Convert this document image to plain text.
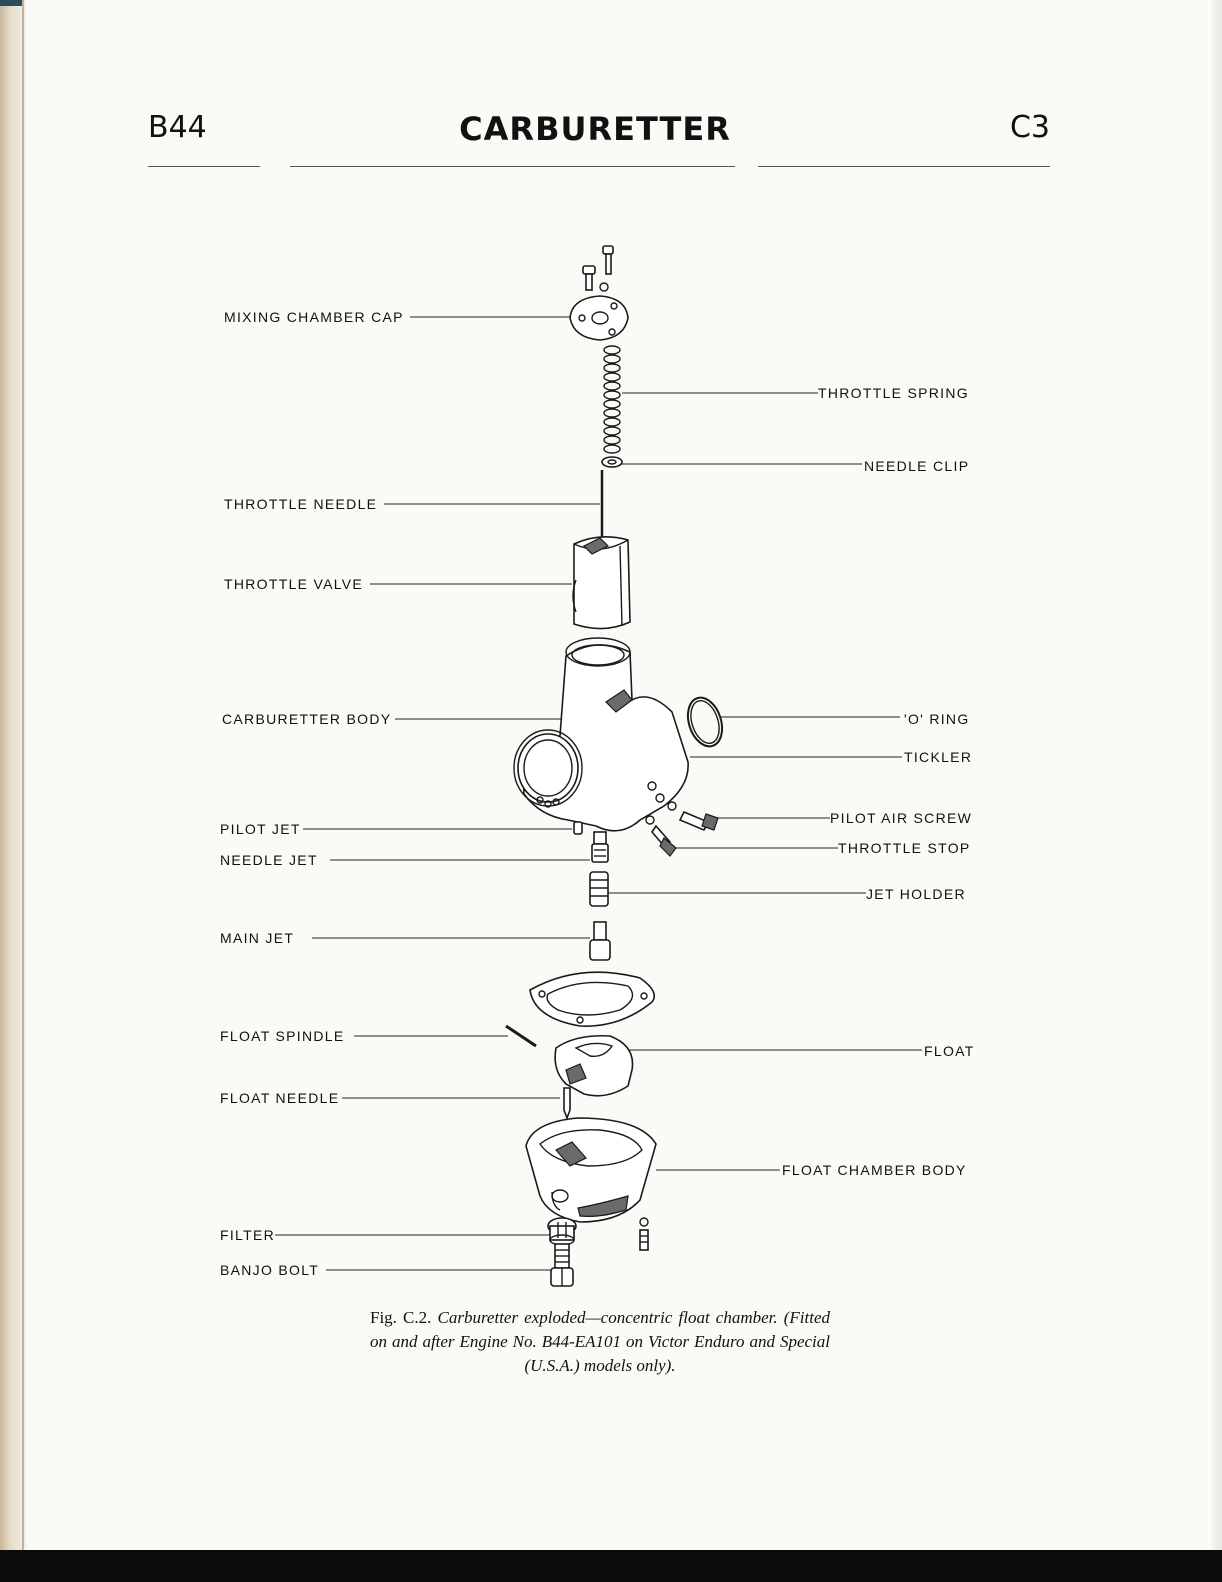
B44	CARBURETTER	C3
MIXING CHAMBER CAP
THROTTLE NEEDLE
THROTTLE VALVE
CARBURETTER BODY
PILOT JET
NEEDLE JET
MAIN JET
FLOAT SPINDLE
FLOAT NEEDLE
FILTER
BANJO BOLT
THROTTLE SPRING
NEEDLE CLIP
'O' RING
TICKLER
PILOT AIR SCREW
THROTTLE STOP
JET HOLDER
FLOAT
FLOAT CHAMBER BODY
Fig. C.2. Carburetter exploded—concentric float chamber. (Fitted on and after Engine No. B44-EA101 on Victor Enduro and Special (U.S.A.) models only).
